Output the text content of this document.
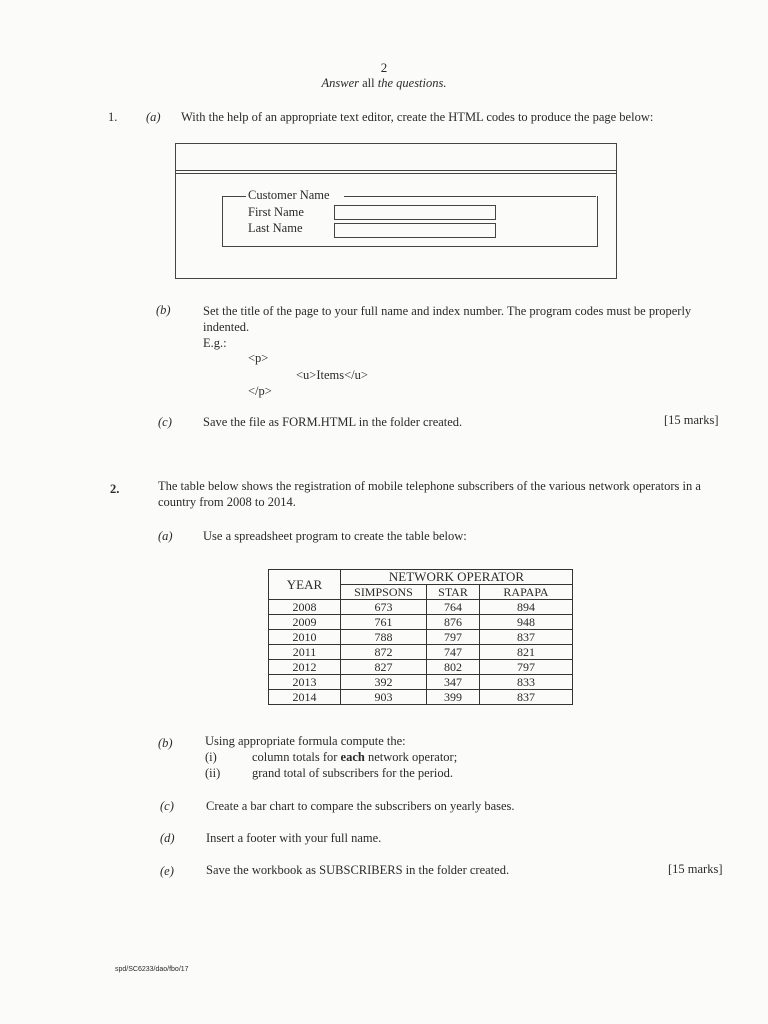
2
Answer all the questions.
1. (a) With the help of an appropriate text editor, create the HTML codes to produce the page below:
Customer Name
First Name
Last Name
(b)	Set the title of the page to your full name and index number. The program codes must be properly indented.
E.g.:
<p>
<u>Items</u>
</p>
(c) Save the file as FORM.HTML in the folder created.	[15 marks]
2.	The table below shows the registration of mobile telephone subscribers of the various network operators in a country from 2008 to 2014.
(a) Use a spreadsheet program to create the table below:
YEAR	NETWORK OPERATOR		
	SIMPSONS	STAR	RAPAPA
2008	673	764	894
2009	761	876	948
2010	788	797	837
2011	872	747	821
2012	827	802	797
2013	392	347	833
2014	903	399	837
(b)	Using appropriate formula compute the:
(i)	column totals for each network operator;
(ii)	grand total of subscribers for the period.
(c)	Create a bar chart to compare the subscribers on yearly bases.
(d)	Insert a footer with your full name.
(e)	Save the workbook as SUBSCRIBERS in the folder created.	[15 marks]
spd/SC6233/dao/fbo/17
